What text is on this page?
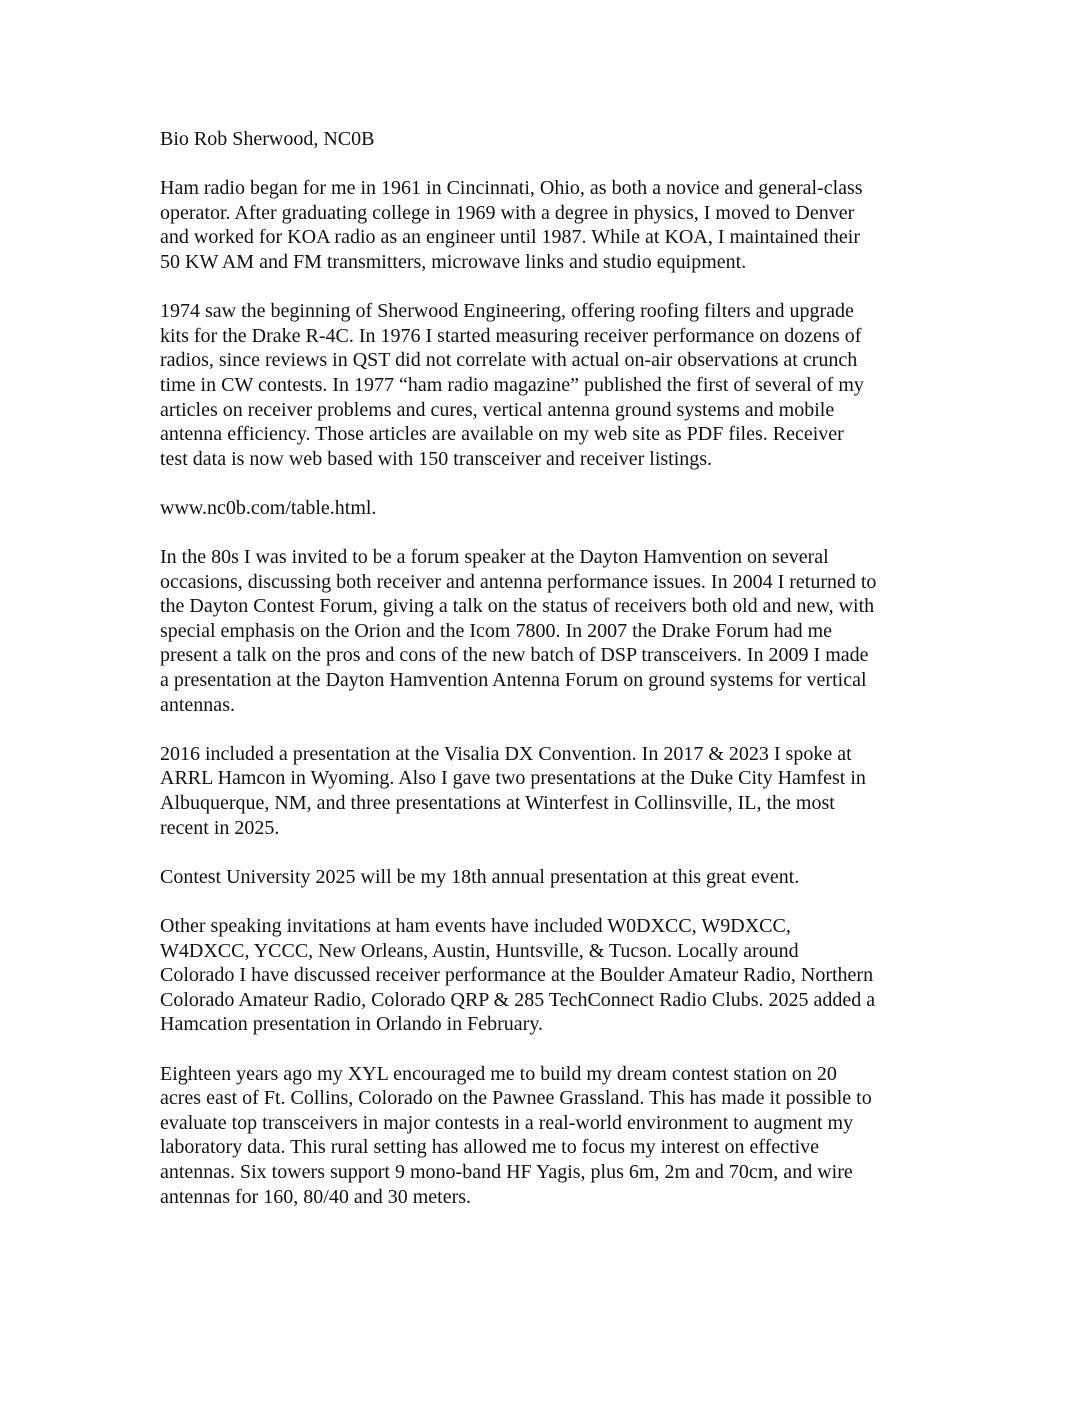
Bio Rob Sherwood, NC0B

Ham radio began for me in 1961 in Cincinnati, Ohio, as both a novice and general-class
operator. After graduating college in 1969 with a degree in physics, I moved to Denver
and worked for KOA radio as an engineer until 1987. While at KOA, I maintained their
50 KW AM and FM transmitters, microwave links and studio equipment.

1974 saw the beginning of Sherwood Engineering, offering roofing filters and upgrade
kits for the Drake R-4C. In 1976 I started measuring receiver performance on dozens of
radios, since reviews in QST did not correlate with actual on-air observations at crunch
time in CW contests. In 1977 “ham radio magazine” published the first of several of my
articles on receiver problems and cures, vertical antenna ground systems and mobile
antenna efficiency. Those articles are available on my web site as PDF files. Receiver
test data is now web based with 150 transceiver and receiver listings.

www.nc0b.com/table.html.

In the 80s I was invited to be a forum speaker at the Dayton Hamvention on several
occasions, discussing both receiver and antenna performance issues. In 2004 I returned to
the Dayton Contest Forum, giving a talk on the status of receivers both old and new, with
special emphasis on the Orion and the Icom 7800. In 2007 the Drake Forum had me
present a talk on the pros and cons of the new batch of DSP transceivers. In 2009 I made
a presentation at the Dayton Hamvention Antenna Forum on ground systems for vertical
antennas.

2016 included a presentation at the Visalia DX Convention. In 2017 & 2023 I spoke at
ARRL Hamcon in Wyoming. Also I gave two presentations at the Duke City Hamfest in
Albuquerque, NM, and three presentations at Winterfest in Collinsville, IL, the most
recent in 2025.

Contest University 2025 will be my 18th annual presentation at this great event.

Other speaking invitations at ham events have included W0DXCC, W9DXCC,
W4DXCC, YCCC, New Orleans, Austin, Huntsville, & Tucson. Locally around
Colorado I have discussed receiver performance at the Boulder Amateur Radio, Northern
Colorado Amateur Radio, Colorado QRP & 285 TechConnect Radio Clubs. 2025 added a
Hamcation presentation in Orlando in February.

Eighteen years ago my XYL encouraged me to build my dream contest station on 20
acres east of Ft. Collins, Colorado on the Pawnee Grassland. This has made it possible to
evaluate top transceivers in major contests in a real-world environment to augment my
laboratory data. This rural setting has allowed me to focus my interest on effective
antennas. Six towers support 9 mono-band HF Yagis, plus 6m, 2m and 70cm, and wire
antennas for 160, 80/40 and 30 meters.
